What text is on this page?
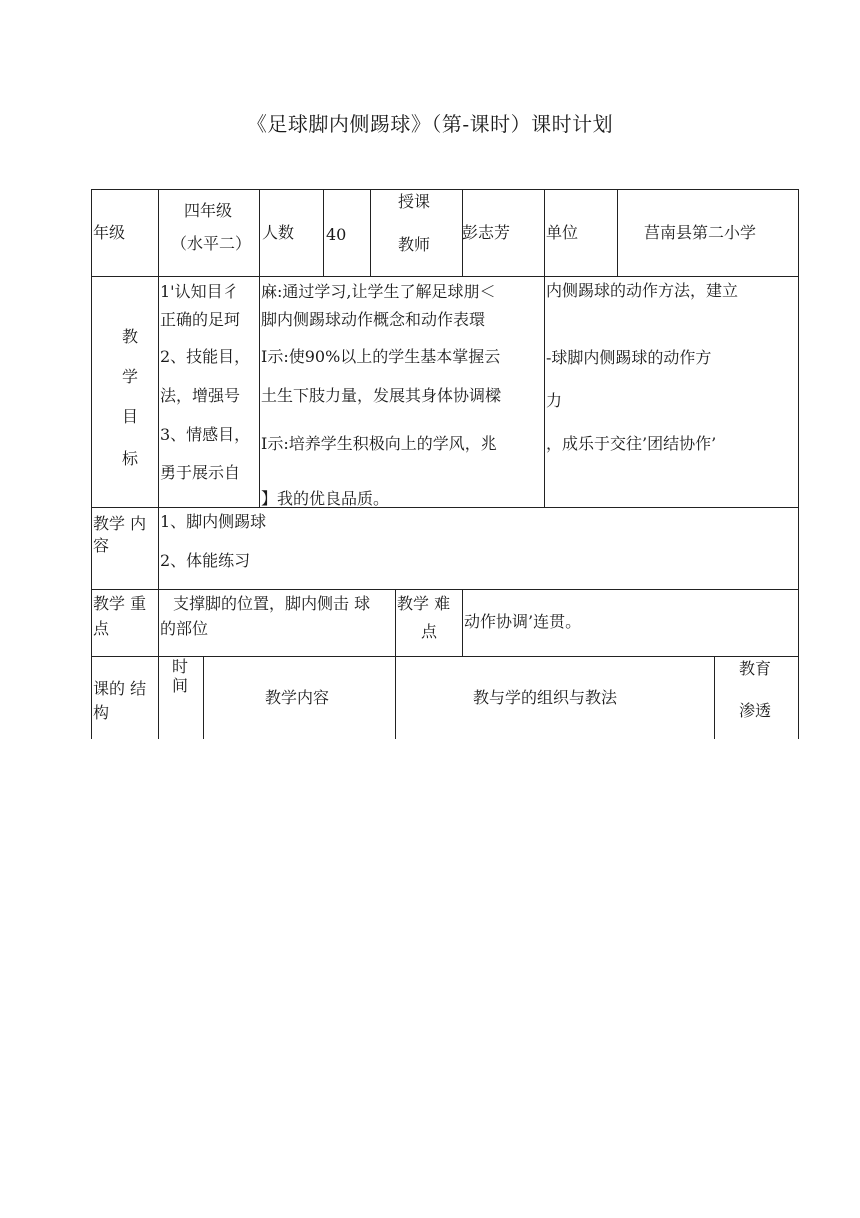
《足球脚内侧踢球》（第-课时）课时计划
年级
四年级
（水平二）
人数 40
授课
教师
彭志芳 单位	莒南县第二小学
教
学
目
标
1'认知目彳
正确的足珂
2、技能目，
法，增强号
3、情感目，
勇于展示自
麻:通过学习,让学生了解足球朋＜
脚内侧踢球动作概念和动作表環
I示:使90%以上的学生基本掌握云
土生下肢力量，发展其身体协调樑
I示:培养学生积极向上的学风，兆
】我的优良品质。
内侧踢球的动作方法，建立
-球脚内侧踢球的动作方
力
，成乐于交往’团结协作’
教学 内
容
1、脚内侧踢球
2、体能练习
教学 重
点
支撑脚的位置，脚内侧击 球
的部位
教学 难
点
动作协调’连贯。
课的 结
构
时
间
教学内容	教与学的组织与教法
教育
渗透
